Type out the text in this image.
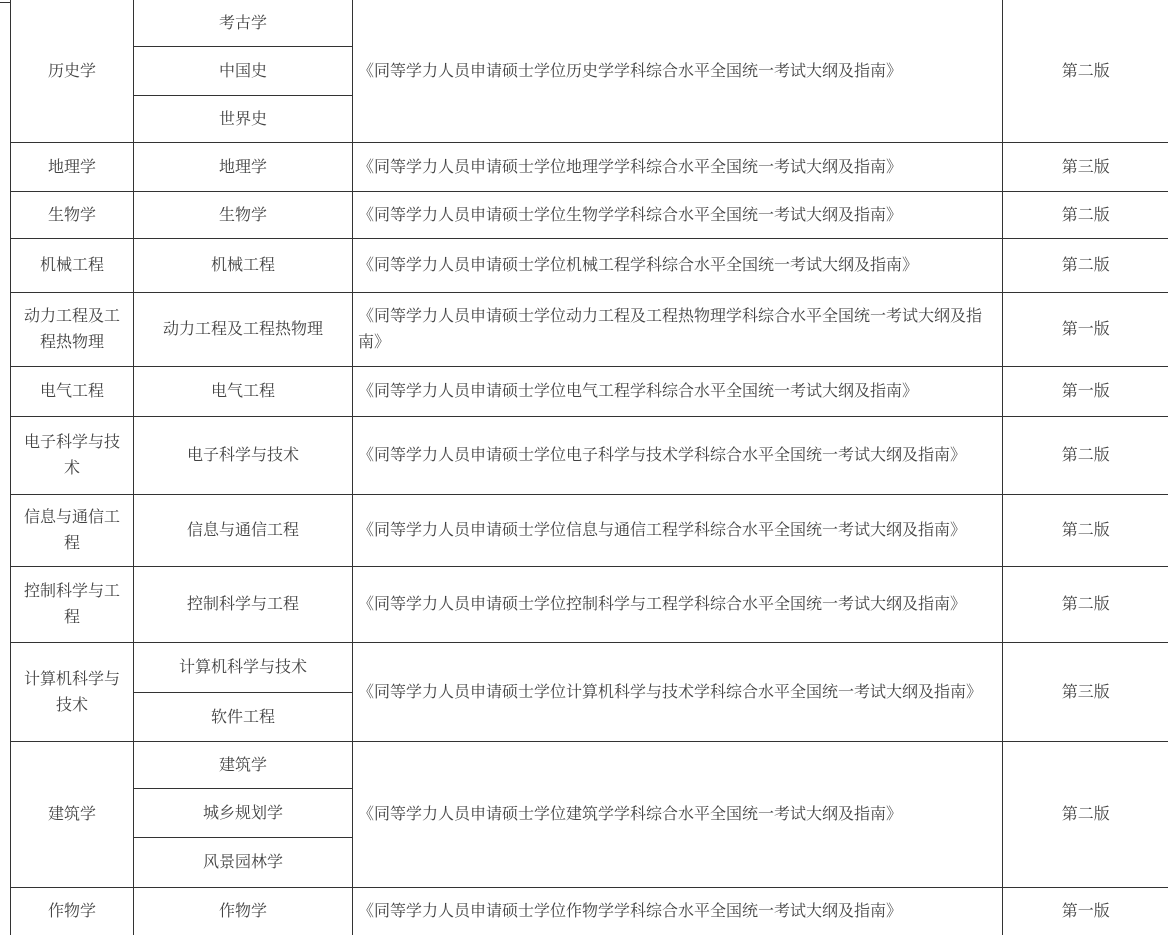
历史学	考古学	《同等学力人员申请硕士学位历史学学科综合水平全国统一考试大纲及指南》	第二版
	中国史		
	世界史		
地理学	地理学	《同等学力人员申请硕士学位地理学学科综合水平全国统一考试大纲及指南》	第三版
生物学	生物学	《同等学力人员申请硕士学位生物学学科综合水平全国统一考试大纲及指南》	第二版
机械工程	机械工程	《同等学力人员申请硕士学位机械工程学科综合水平全国统一考试大纲及指南》	第二版
动力工程及工程热物理	动力工程及工程热物理	《同等学力人员申请硕士学位动力工程及工程热物理学科综合水平全国统一考试大纲及指南》	第一版
电气工程	电气工程	《同等学力人员申请硕士学位电气工程学科综合水平全国统一考试大纲及指南》	第一版
电子科学与技术	电子科学与技术	《同等学力人员申请硕士学位电子科学与技术学科综合水平全国统一考试大纲及指南》	第二版
信息与通信工程	信息与通信工程	《同等学力人员申请硕士学位信息与通信工程学科综合水平全国统一考试大纲及指南》	第二版
控制科学与工程	控制科学与工程	《同等学力人员申请硕士学位控制科学与工程学科综合水平全国统一考试大纲及指南》	第二版
计算机科学与技术	计算机科学与技术	《同等学力人员申请硕士学位计算机科学与技术学科综合水平全国统一考试大纲及指南》	第三版
	软件工程		
建筑学	建筑学	《同等学力人员申请硕士学位建筑学学科综合水平全国统一考试大纲及指南》	第二版
	城乡规划学		
	风景园林学		
作物学	作物学	《同等学力人员申请硕士学位作物学学科综合水平全国统一考试大纲及指南》	第一版
